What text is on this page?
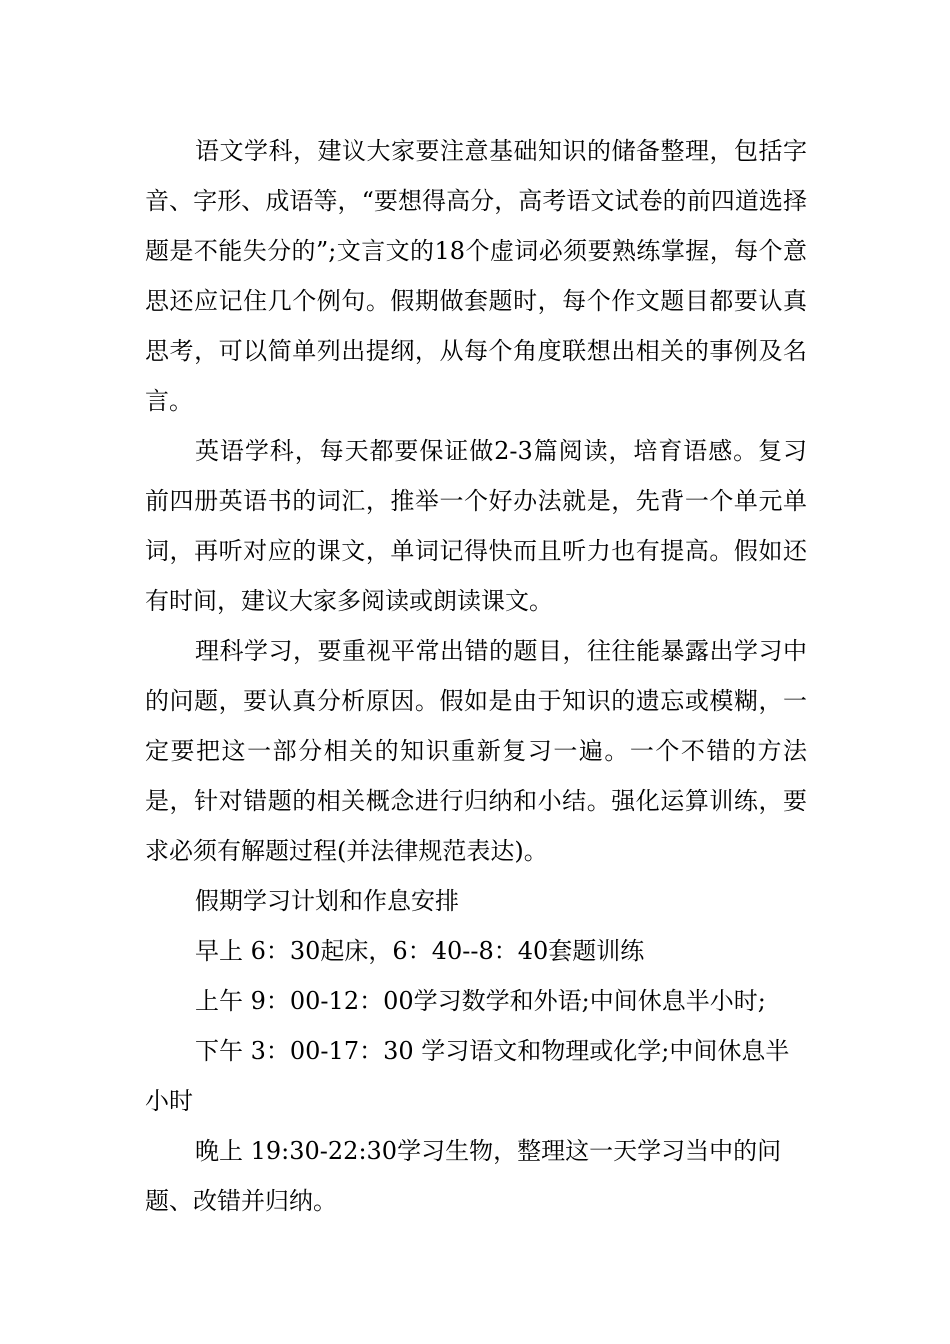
语文学科，建议大家要注意基础知识的储备整理，包括字音、字形、成语等，“要想得高分，高考语文试卷的前四道选择题是不能失分的”;文言文的18个虚词必须要熟练掌握，每个意思还应记住几个例句。假期做套题时，每个作文题目都要认真思考，可以简单列出提纲，从每个角度联想出相关的事例及名言。

英语学科，每天都要保证做2-3篇阅读，培育语感。复习前四册英语书的词汇，推举一个好办法就是，先背一个单元单词，再听对应的课文，单词记得快而且听力也有提高。假如还有时间，建议大家多阅读或朗读课文。

理科学习，要重视平常出错的题目，往往能暴露出学习中的问题，要认真分析原因。假如是由于知识的遗忘或模糊，一定要把这一部分相关的知识重新复习一遍。一个不错的方法是，针对错题的相关概念进行归纳和小结。强化运算训练，要求必须有解题过程(并法律规范表达)。

假期学习计划和作息安排

早上 6：30起床，6：40--8：40套题训练

上午 9：00-12：00学习数学和外语;中间休息半小时;

下午 3：00-17：30 学习语文和物理或化学;中间休息半小时

晚上 19:30-22:30学习生物，整理这一天学习当中的问题、改错并归纳。
